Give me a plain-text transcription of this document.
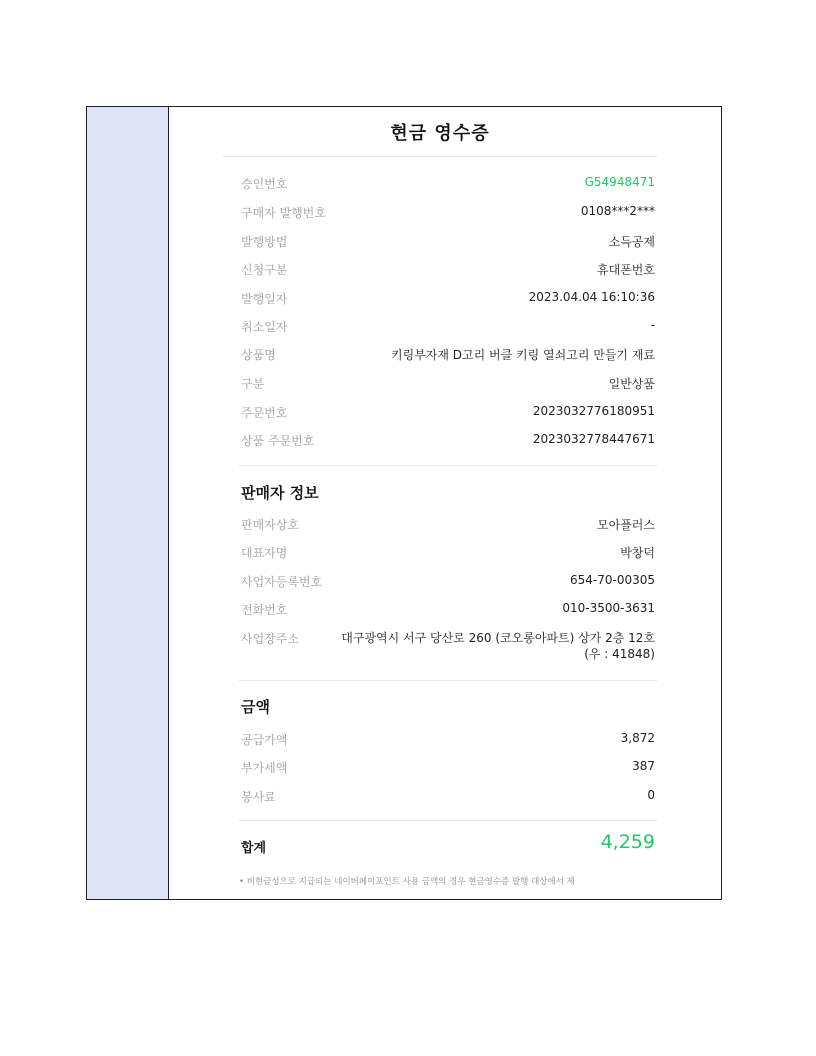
현금 영수증
승인번호	G54948471
구매자 발행번호	0108***2***
발행방법	소득공제
신청구분	휴대폰번호
발행일자	2023.04.04 16:10:36
취소일자	-
상품명	키링부자재 D고리 버클 키링 열쇠고리 만들기 재료
구분	일반상품
주문번호	2023032776180951
상품 주문번호	2023032778447671
판매자 정보
판매자상호	모아플러스
대표자명	박창덕
사업자등록번호	654-70-00305
전화번호	010-3500-3631
사업장주소	대구광역시 서구 당산로 260 (코오롱아파트) 상가 2층 12호 (우 : 41848)
금액
공급가액	3,872
부가세액	387
봉사료	0
합계	4,259
• 비현금성으로 지급되는 네이버페이포인트 사용 금액의 경우 현금영수증 발행 대상에서 제
